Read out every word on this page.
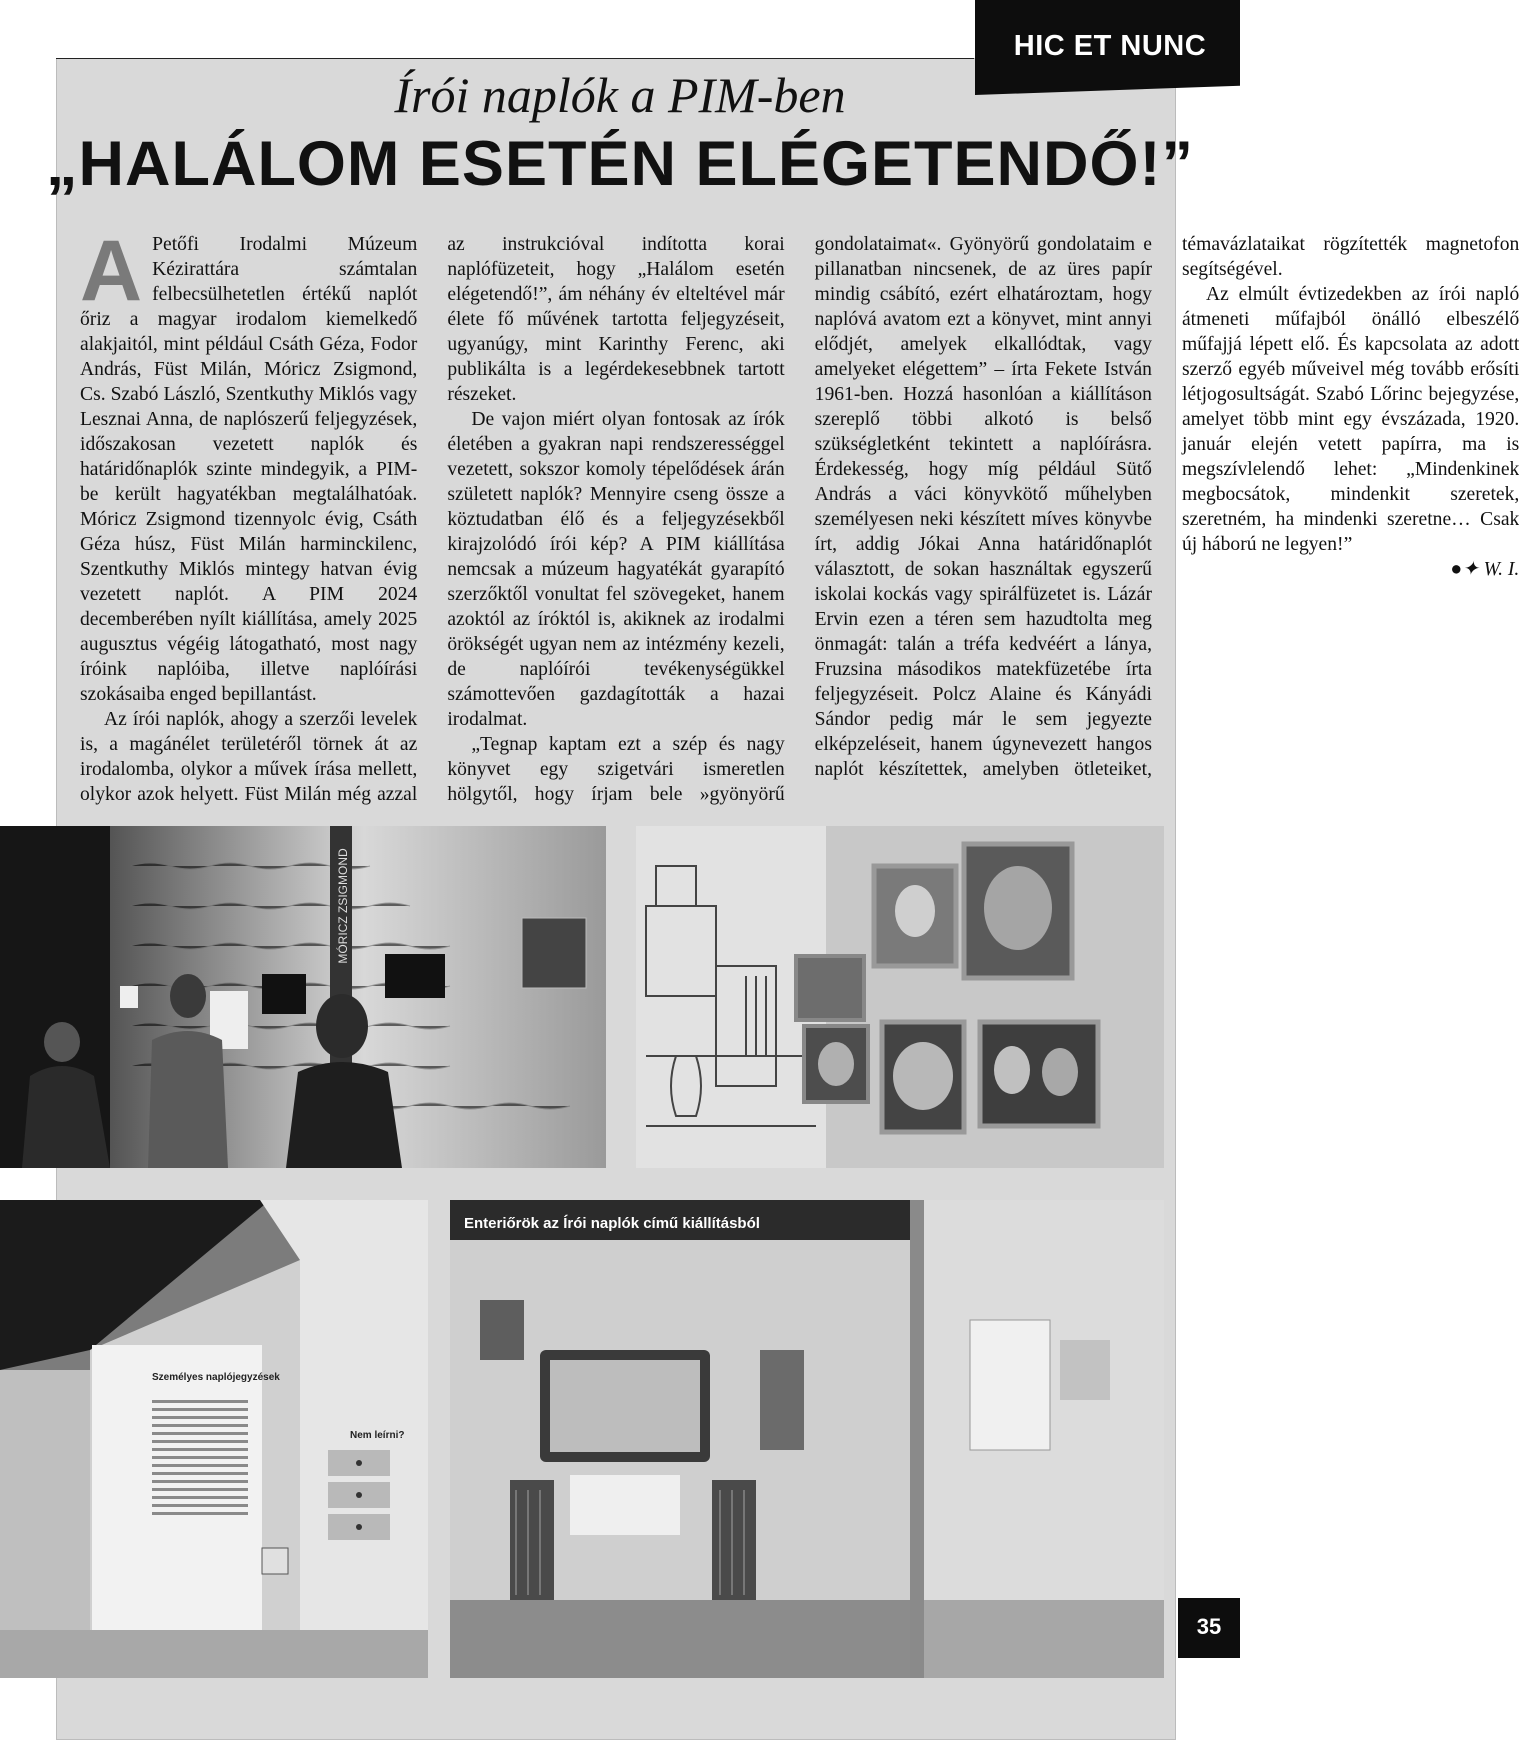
HIC ET NUNC
Írói naplók a PIM-ben
„HALÁLOM ESETÉN ELÉGETENDŐ!”

A Petőfi Irodalmi Múzeum Kézirattára számtalan felbecsülhetetlen értékű naplót őriz a magyar irodalom kiemelkedő alakjaitól, mint például Csáth Géza, Fodor András, Füst Milán, Móricz Zsigmond, Cs. Szabó László, Szentkuthy Miklós vagy Lesznai Anna, de naplószerű feljegyzések, időszakosan vezetett naplók és határidőnaplók szinte mindegyik, a PIM-be került hagyatékban megtalálhatóak. Móricz Zsigmond tizennyolc évig, Csáth Géza húsz, Füst Milán harminckilenc, Szentkuthy Miklós mintegy hatvan évig vezetett naplót. A PIM 2024 decemberében nyílt kiállítása, amely 2025 augusztus végéig látogatható, most nagy íróink naplóiba, illetve naplóírási szokásaiba enged bepillantást.

Az írói naplók, ahogy a szerzői levelek is, a magánélet területéről törnek át az irodalomba, olykor a művek írása mellett, olykor azok helyett. Füst Milán még azzal az instrukcióval indította korai naplófüzeteit, hogy „Halálom esetén elégetendő!”, ám néhány év elteltével már élete fő művének tartotta feljegyzéseit, ugyanúgy, mint Karinthy Ferenc, aki publikálta is a legérdekesebbnek tartott részeket.

De vajon miért olyan fontosak az írók életében a gyakran napi rendszerességgel vezetett, sokszor komoly tépelődések árán született naplók? Mennyire cseng össze a köztudatban élő és a feljegyzésekből kirajzolódó írói kép? A PIM kiállítása nemcsak a múzeum hagyatékát gyarapító szerzőktől vonultat fel szövegeket, hanem azoktól az íróktól is, akiknek az irodalmi örökségét ugyan nem az intézmény kezeli, de naplóírói tevékenységükkel számottevően gazdagították a hazai irodalmat.

„Tegnap kaptam ezt a szép és nagy könyvet egy szigetvári ismeretlen hölgytől, hogy írjam bele »gyönyörű gondolataimat«. Gyönyörű gondolataim e pillanatban nincsenek, de az üres papír mindig csábító, ezért elhatároztam, hogy naplóvá avatom ezt a könyvet, mint annyi elődjét, amelyek elkallódtak, vagy amelyeket elégettem” – írta Fekete István 1961-ben. Hozzá hasonlóan a kiállításon szereplő többi alkotó is belső szükségletként tekintett a naplóírásra. Érdekesség, hogy míg például Sütő András a váci könyvkötő műhelyben személyesen neki készített míves könyvbe írt, addig Jókai Anna határidőnaplót választott, de sokan használtak egyszerű iskolai kockás vagy spirálfüzetet is. Lázár Ervin ezen a téren sem hazudtolta meg önmagát: talán a tréfa kedvéért a lánya, Fruzsina másodikos matekfüzetébe írta feljegyzéseit. Polcz Alaine és Kányádi Sándor pedig már le sem jegyezte elképzeléseit, hanem úgynevezett hangos naplót készítettek, amelyben ötleteiket, témavázlataikat rögzítették magnetofon segítségével.

Az elmúlt évtizedekben az írói napló átmeneti műfajból önálló elbeszélő műfajjá lépett elő. És kapcsolata az adott szerző egyéb műveivel még tovább erősíti létjogosultságát. Szabó Lőrinc bejegyzése, amelyet több mint egy évszázada, 1920. január elején vetett papírra, ma is megszívlelendő lehet: „Mindenkinek megbocsátok, mindenkit szeretek, szeretném, ha mindenki szeretne… Csak új háború ne legyen!”
●✦ W. I.

MÓRICZ ZSIGMOND
Személyes naplójegyzések
Nem leírni?
Enteriőrök az Írói naplók című kiállításból
35
